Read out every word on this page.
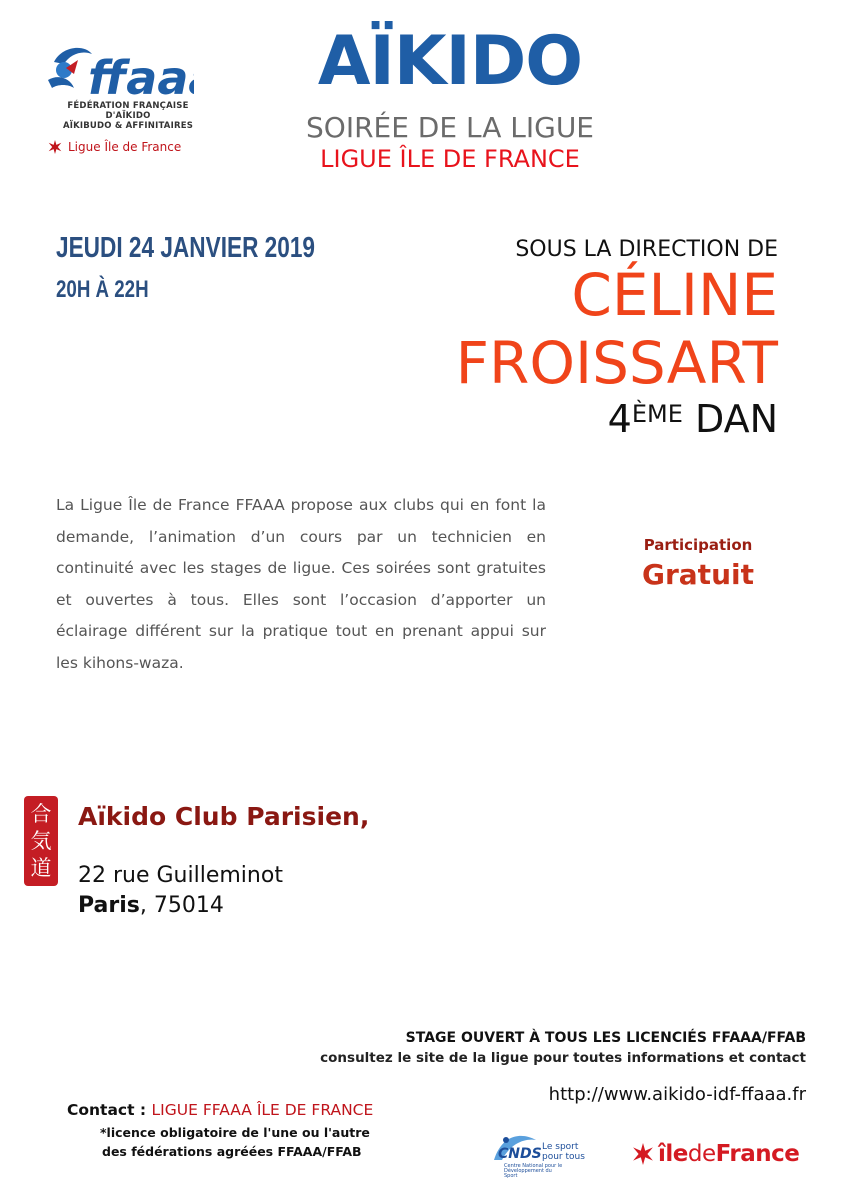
ffaa
FÉDÉRATION FRANÇAISE D'AÏKIDO
AÏKIBUDO & AFFINITAIRES
Ligue Île de France
AÏKIDO
SOIRÉE DE LA LIGUE
LIGUE ÎLE DE FRANCE
JEUDI 24 JANVIER 2019
20H À 22H
SOUS LA DIRECTION DE
CÉLINE
FROISSART
4ÈME DAN
La Ligue Île de France FFAAA propose aux clubs qui en font la demande, l’animation d’un cours par un technicien en continuité avec les stages de ligue. Ces soirées sont gratuites et ouvertes à tous. Elles sont l’occasion d’apporter un éclairage différent sur la pratique tout en prenant appui sur les kihons-waza.
Participation
Gratuit
合
気
道
Aïkido Club Parisien,
22 rue Guilleminot
Paris, 75014
STAGE OUVERT À TOUS LES LICENCIÉS FFAAA/FFAB
consultez le site de la ligue pour toutes informations et contact
http://www.aikido-idf-ffaaa.fr
Contact : LIGUE FFAAA ÎLE DE FRANCE
*licence obligatoire de l'une ou l'autre
des fédérations agréées FFAAA/FFAB	CNDS Le sport
pour tous
Centre National pour le Développement du Sport
îledeFrance
